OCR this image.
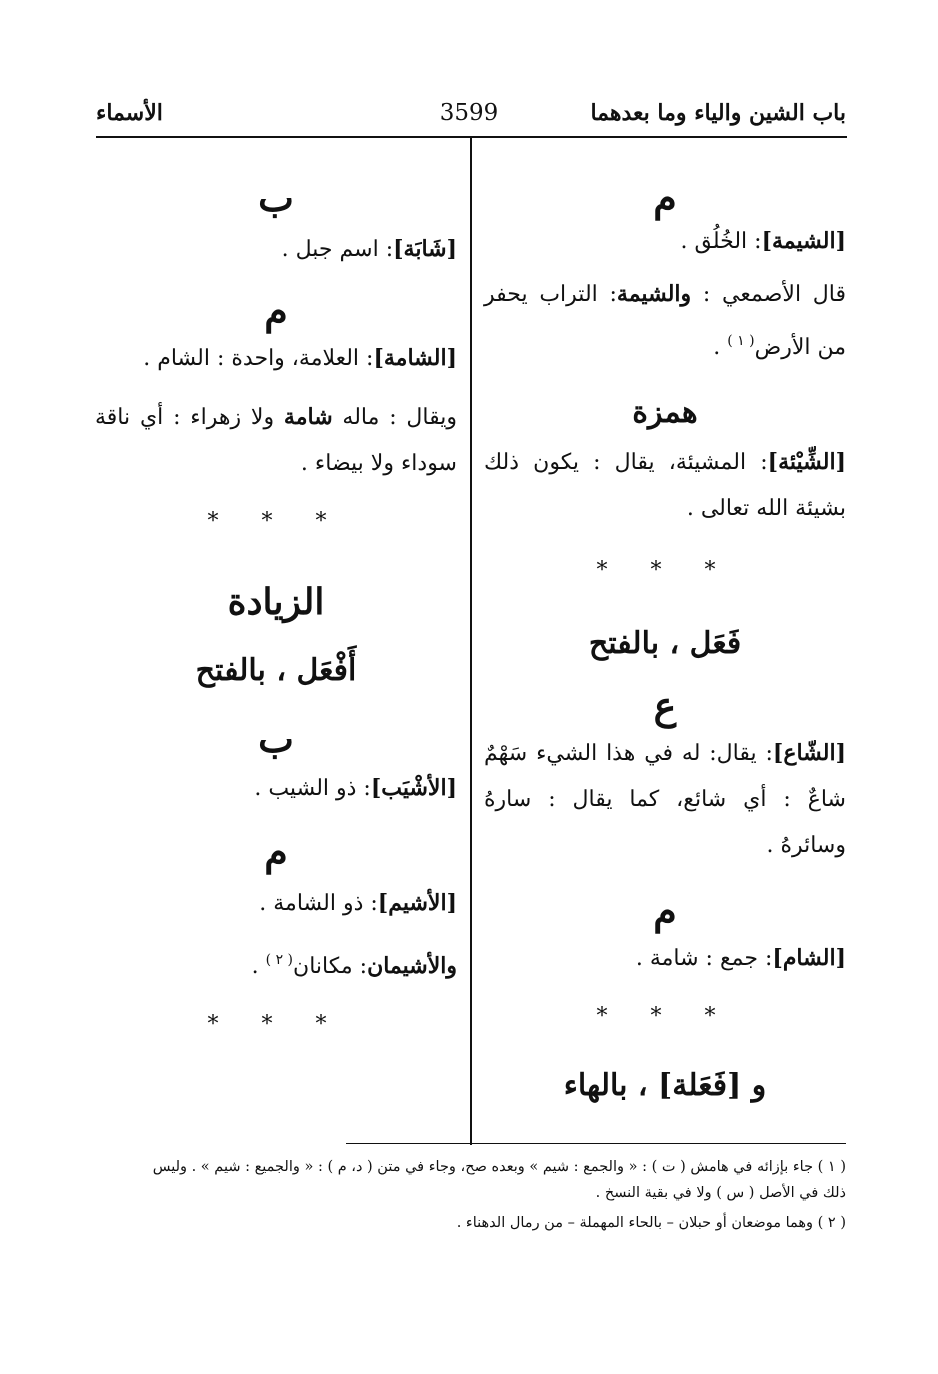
باب الشين والياء وما بعدهما
3599
الأسماء

م

[الشيمة]: الخُلُق .

قال الأصمعي : والشيمة: التراب يحفر من الأرض$^{( ١ )}$ .

همزة

[الشِّيْئة]: المشيئة، يقال : يكون ذلك بشيئة الله تعالى .

* * *

فَعَل ، بالفتح

ع

[الشّاع]: يقال: له في هذا الشيء سَهْمٌ شاعٌ : أي شائع، كما يقال : سارهُ وسائرهُ .

م

[الشام]: جمع : شامة .

* * *

و [فَعَلة] ، بالهاء

ب

[شَابَة]: اسم جبل .

م

[الشامة]: العلامة، واحدة : الشام .

ويقال : ماله شامة ولا زهراء : أي ناقة سوداء ولا بيضاء .

* * *

الزيادة

أَفْعَل ، بالفتح

ب

[الأشْيَب]: ذو الشيب .

م

[الأشيم]: ذو الشامة .

والأشيمان: مكانان$^{( ٢ )}$ .

* * *

( ١ ) جاء بإزائه في هامش ( ت ) : « والجمع : شيم » وبعده صح، وجاء في متن ( د، م ) : « والجميع : شيم » . وليس

ذلك في الأصل ( س ) ولا في بقية النسخ .

( ٢ ) وهما موضعان أو حبلان – بالحاء المهملة – من رمال الدهناء .
